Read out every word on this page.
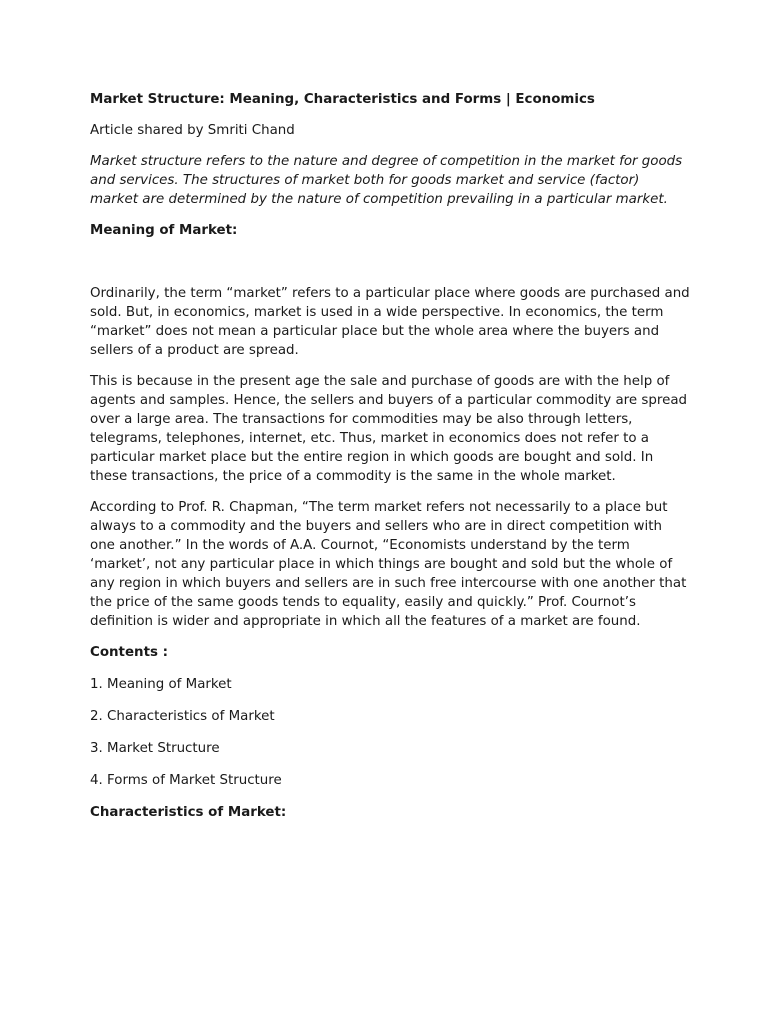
Market Structure: Meaning, Characteristics and Forms | Economics

Article shared by Smriti Chand

Market structure refers to the nature and degree of competition in the market for goods and services. The structures of market both for goods market and service (factor) market are determined by the nature of competition prevailing in a particular market.

Meaning of Market:

Ordinarily, the term “market” refers to a particular place where goods are purchased and sold. But, in economics, market is used in a wide perspective. In economics, the term “market” does not mean a particular place but the whole area where the buyers and sellers of a product are spread.

This is because in the present age the sale and purchase of goods are with the help of agents and samples. Hence, the sellers and buyers of a particular commodity are spread over a large area. The transactions for commodities may be also through letters, telegrams, telephones, internet, etc. Thus, market in economics does not refer to a particular market place but the entire region in which goods are bought and sold. In these transactions, the price of a commodity is the same in the whole market.

According to Prof. R. Chapman, “The term market refers not necessarily to a place but always to a commodity and the buyers and sellers who are in direct competition with one another.” In the words of A.A. Cournot, “Economists understand by the term ‘market’, not any particular place in which things are bought and sold but the whole of any region in which buyers and sellers are in such free intercourse with one another that the price of the same goods tends to equality, easily and quickly.” Prof. Cournot’s definition is wider and appropriate in which all the features of a market are found.

Contents :

1. Meaning of Market

2. Characteristics of Market

3. Market Structure

4. Forms of Market Structure

Characteristics of Market:
